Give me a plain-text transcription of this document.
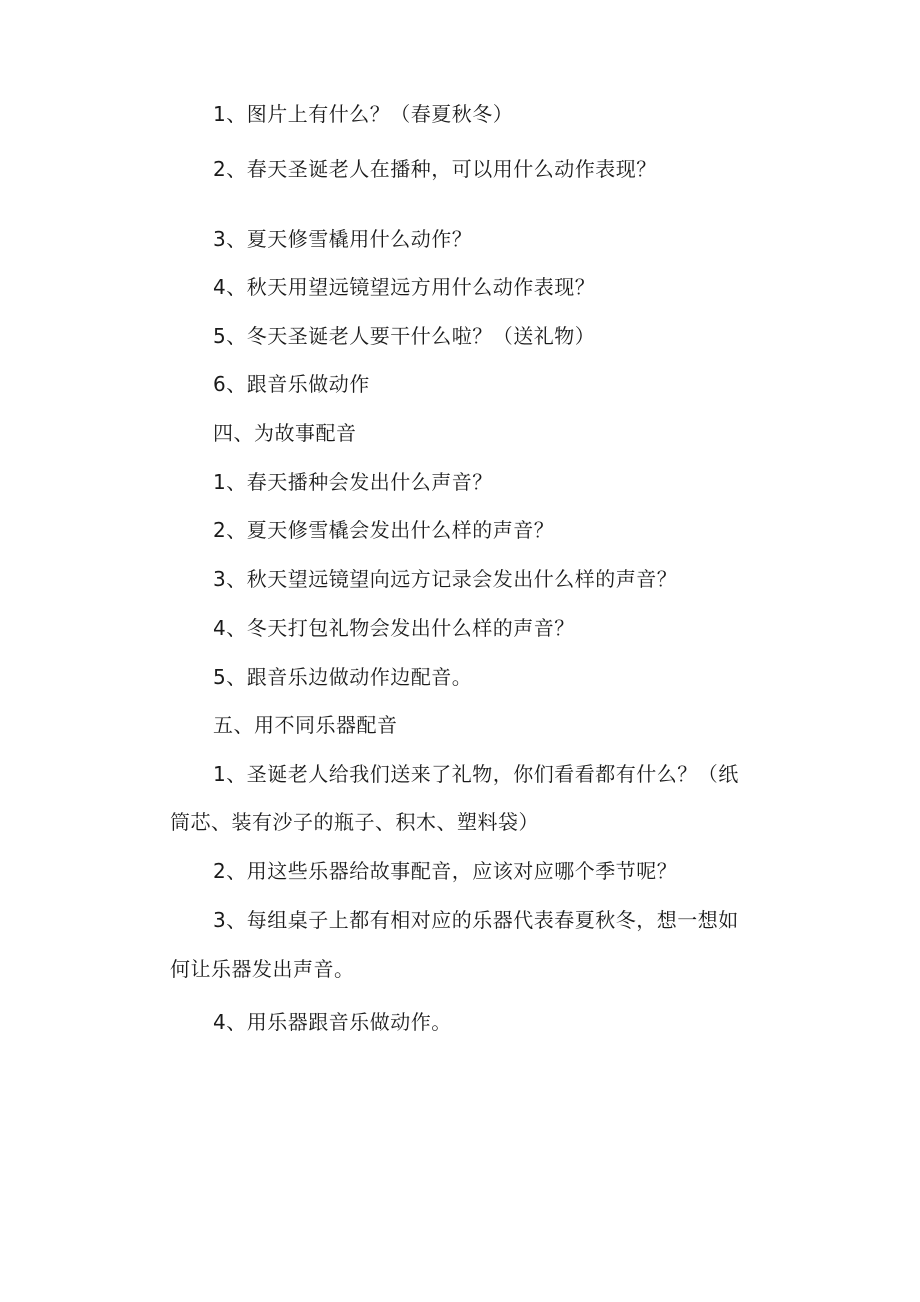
1、图片上有什么？（春夏秋冬）
2、春天圣诞老人在播种，可以用什么动作表现？
3、夏天修雪橇用什么动作？
4、秋天用望远镜望远方用什么动作表现？
5、冬天圣诞老人要干什么啦？（送礼物）
6、跟音乐做动作
四、为故事配音
1、春天播种会发出什么声音？
2、夏天修雪橇会发出什么样的声音？
3、秋天望远镜望向远方记录会发出什么样的声音？
4、冬天打包礼物会发出什么样的声音？
5、跟音乐边做动作边配音。
五、用不同乐器配音
1、圣诞老人给我们送来了礼物，你们看看都有什么？（纸
筒芯、装有沙子的瓶子、积木、塑料袋）
2、用这些乐器给故事配音，应该对应哪个季节呢？
3、每组桌子上都有相对应的乐器代表春夏秋冬，想一想如
何让乐器发出声音。
4、用乐器跟音乐做动作。
